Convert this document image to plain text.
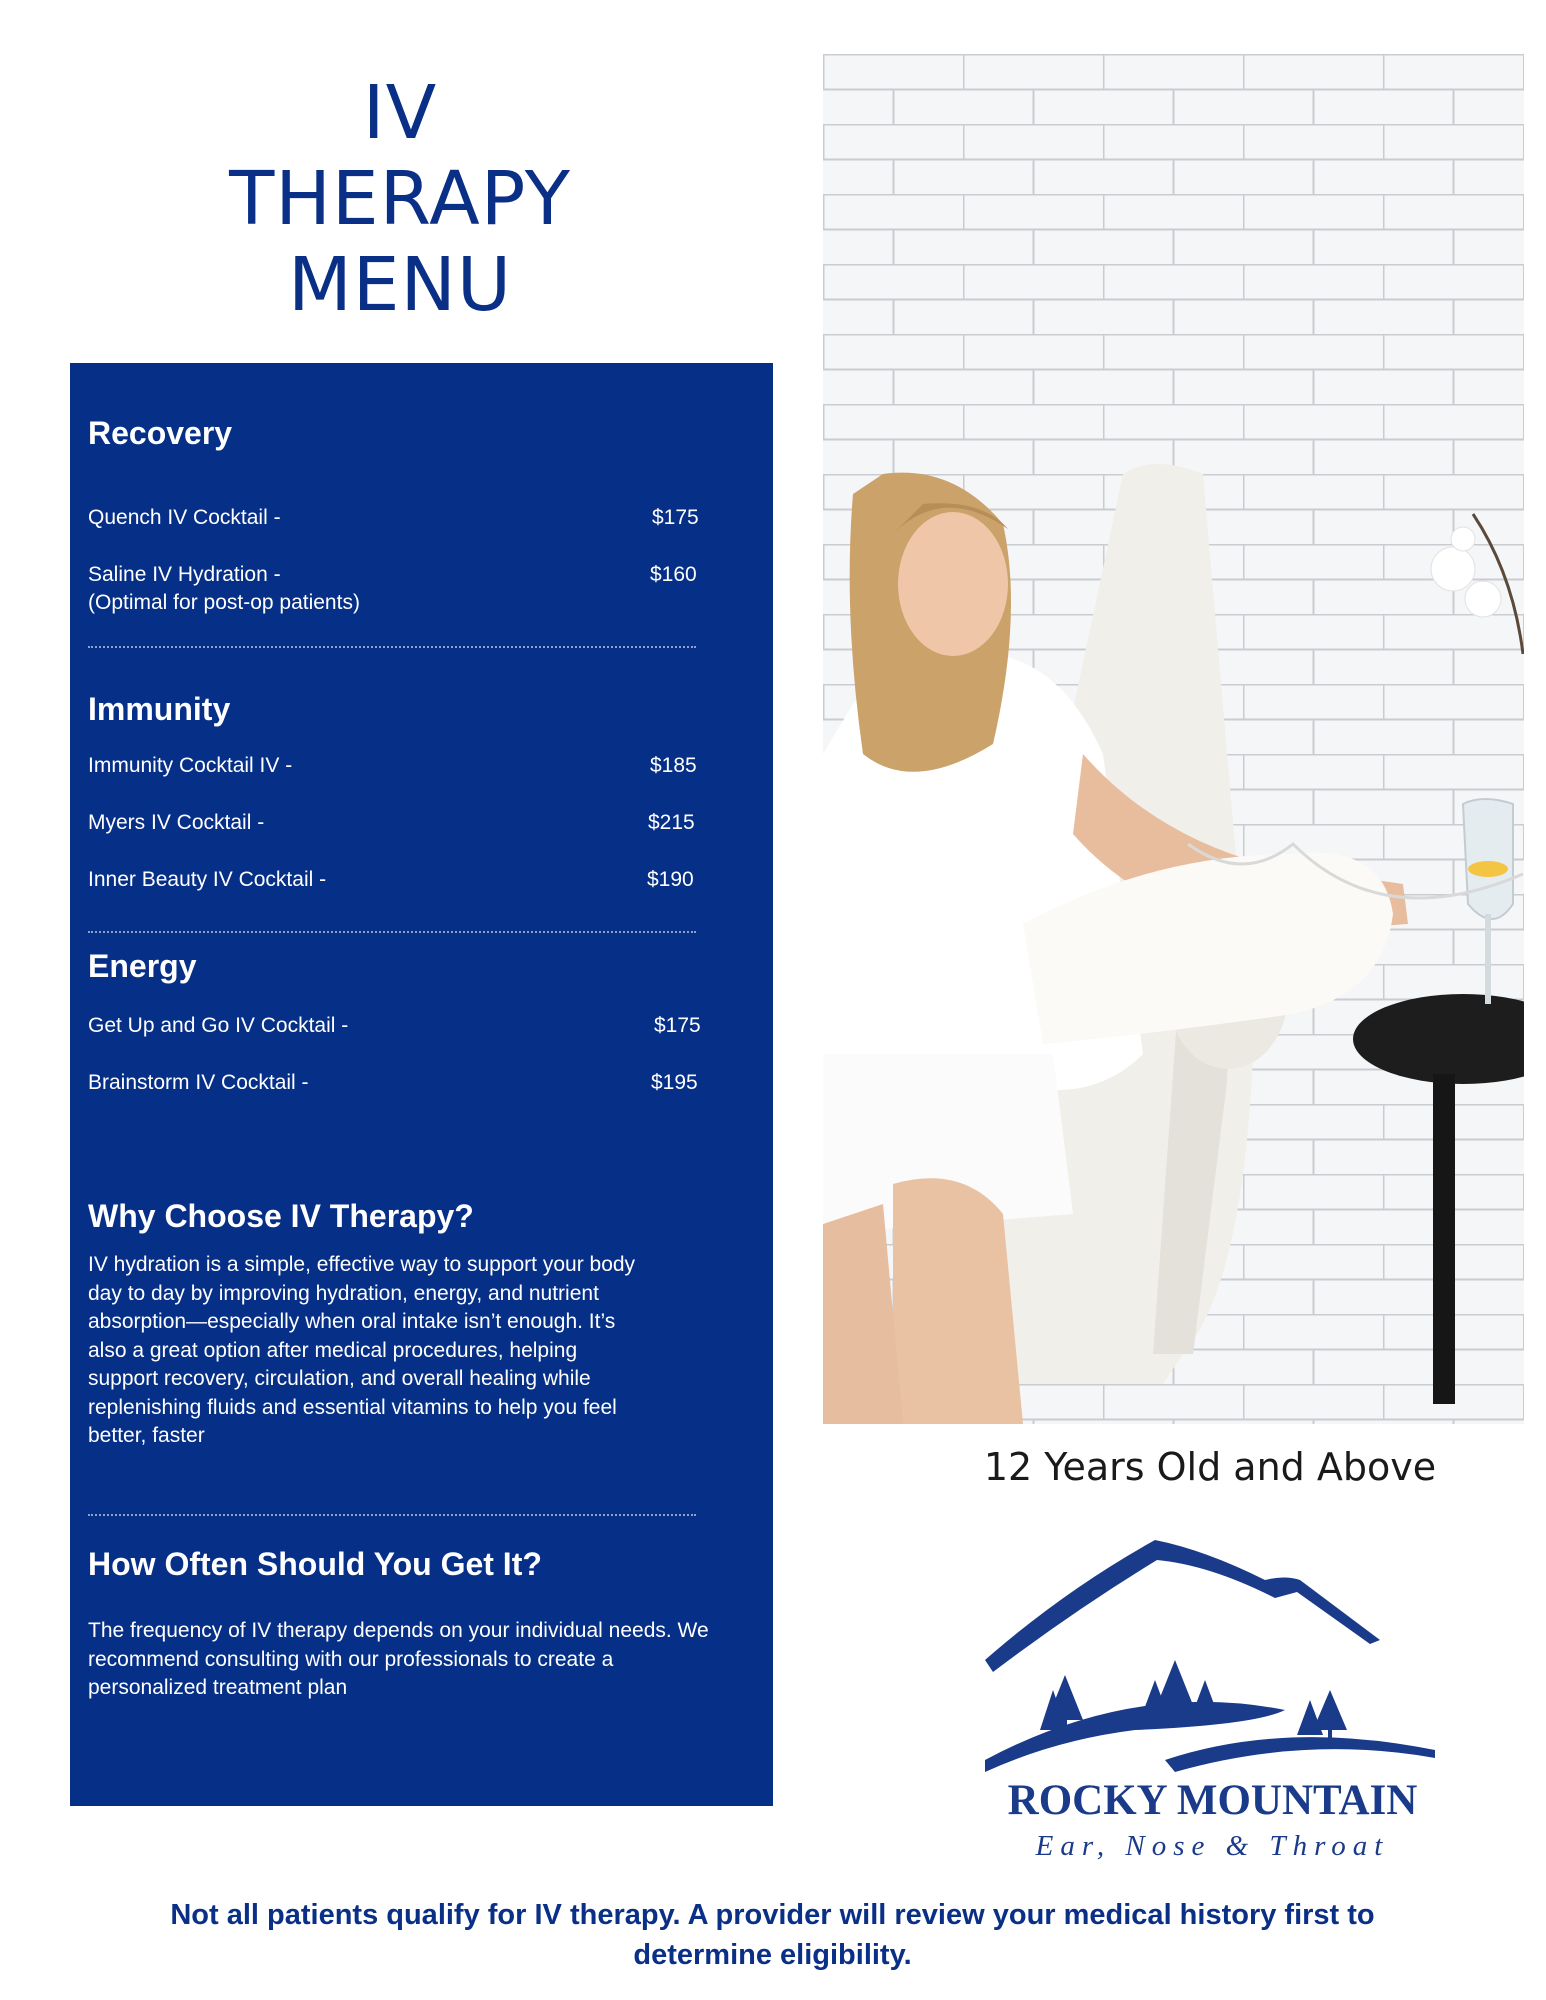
IV
THERAPY
MENU
Recovery
Quench IV Cocktail -	$175
Saline IV Hydration -	$160
(Optimal for post-op patients)
Immunity
Immunity Cocktail IV -	$185
Myers IV Cocktail -	$215
Inner Beauty IV Cocktail -	$190
Energy
Get Up and Go IV Cocktail -	$175
Brainstorm IV Cocktail -	$195
Why Choose IV Therapy?
IV hydration is a simple, effective way to support your body day to day by improving hydration, energy, and nutrient absorption—especially when oral intake isn’t enough. It’s also a great option after medical procedures, helping support recovery, circulation, and overall healing while replenishing fluids and essential vitamins to help you feel better, faster
How Often Should You Get It?
The frequency of IV therapy depends on your individual needs. We recommend consulting with our professionals to create a personalized treatment plan
12 Years Old and Above
ROCKY MOUNTAIN
Ear, Nose & Throat
Not all patients qualify for IV therapy. A provider will review your medical history first to determine eligibility.
